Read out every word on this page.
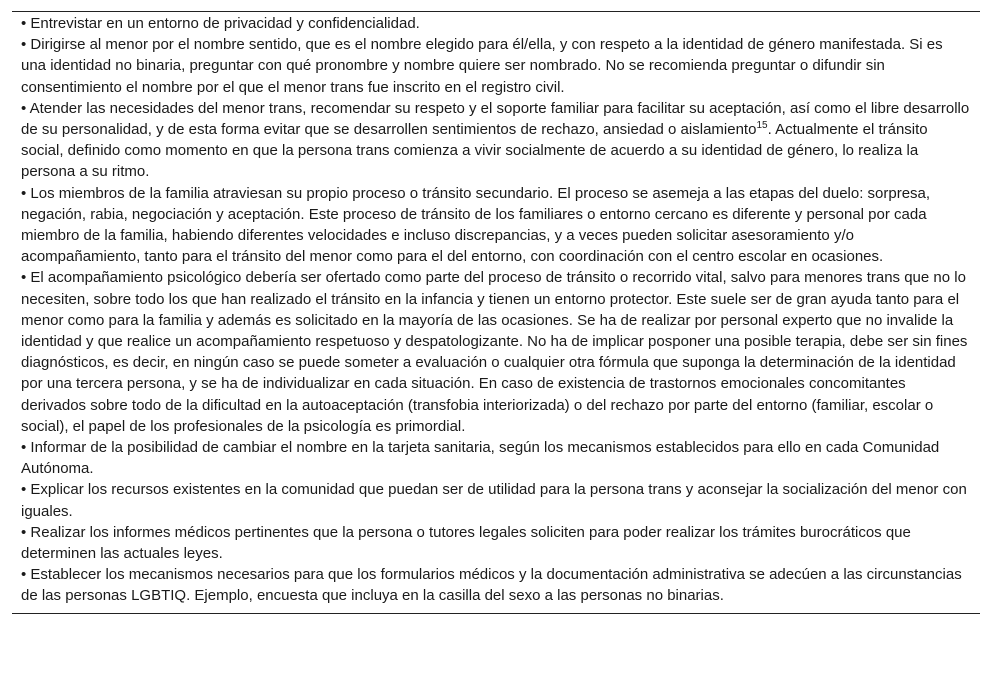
• Entrevistar en un entorno de privacidad y confidencialidad.

• Dirigirse al menor por el nombre sentido, que es el nombre elegido para él/ella, y con respeto a la identidad de género manifestada. Si es una identidad no binaria, preguntar con qué pronombre y nombre quiere ser nombrado. No se recomienda preguntar o difundir sin consentimiento el nombre por el que el menor trans fue inscrito en el registro civil.

• Atender las necesidades del menor trans, recomendar su respeto y el soporte familiar para facilitar su aceptación, así como el libre desarrollo de su personalidad, y de esta forma evitar que se desarrollen sentimientos de rechazo, ansiedad o aislamiento$^{15}$. Actualmente el tránsito social, definido como momento en que la persona trans comienza a vivir socialmente de acuerdo a su identidad de género, lo realiza la persona a su ritmo.

• Los miembros de la familia atraviesan su propio proceso o tránsito secundario. El proceso se asemeja a las etapas del duelo: sorpresa, negación, rabia, negociación y aceptación. Este proceso de tránsito de los familiares o entorno cercano es diferente y personal por cada miembro de la familia, habiendo diferentes velocidades e incluso discrepancias, y a veces pueden solicitar asesoramiento y/o acompañamiento, tanto para el tránsito del menor como para el del entorno, con coordinación con el centro escolar en ocasiones.

• El acompañamiento psicológico debería ser ofertado como parte del proceso de tránsito o recorrido vital, salvo para menores trans que no lo necesiten, sobre todo los que han realizado el tránsito en la infancia y tienen un entorno protector. Este suele ser de gran ayuda tanto para el menor como para la familia y además es solicitado en la mayoría de las ocasiones. Se ha de realizar por personal experto que no invalide la identidad y que realice un acompañamiento respetuoso y despatologizante. No ha de implicar posponer una posible terapia, debe ser sin fines diagnósticos, es decir, en ningún caso se puede someter a evaluación o cualquier otra fórmula que suponga la determinación de la identidad por una tercera persona, y se ha de individualizar en cada situación. En caso de existencia de trastornos emocionales concomitantes derivados sobre todo de la dificultad en la autoaceptación (transfobia interiorizada) o del rechazo por parte del entorno (familiar, escolar o social), el papel de los profesionales de la psicología es primordial.

• Informar de la posibilidad de cambiar el nombre en la tarjeta sanitaria, según los mecanismos establecidos para ello en cada Comunidad Autónoma.

• Explicar los recursos existentes en la comunidad que puedan ser de utilidad para la persona trans y aconsejar la socialización del menor con iguales.

• Realizar los informes médicos pertinentes que la persona o tutores legales soliciten para poder realizar los trámites burocráticos que determinen las actuales leyes.

• Establecer los mecanismos necesarios para que los formularios médicos y la documentación administrativa se adecúen a las circunstancias de las personas LGBTIQ. Ejemplo, encuesta que incluya en la casilla del sexo a las personas no binarias.
